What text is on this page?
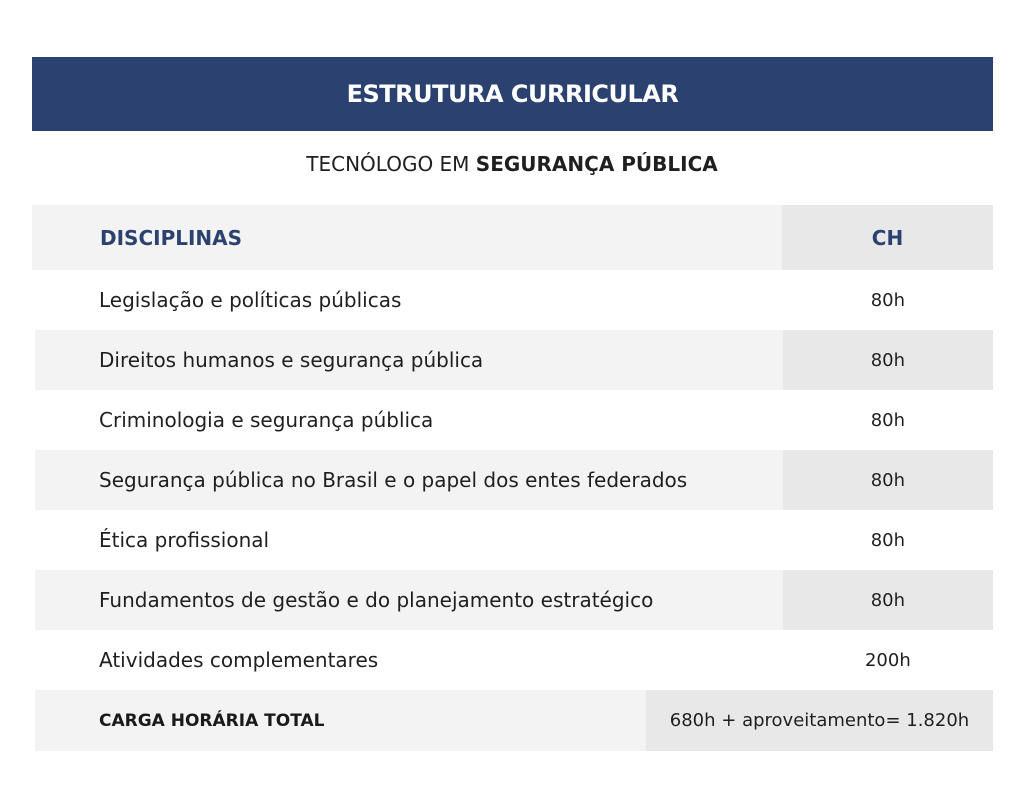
ESTRUTURA CURRICULAR
TECNÓLOGO EM SEGURANÇA PÚBLICA
DISCIPLINAS	CH
Legislação e políticas públicas	80h
Direitos humanos e segurança pública	80h
Criminologia e segurança pública	80h
Segurança pública no Brasil e o papel dos entes federados	80h
Ética profissional	80h
Fundamentos de gestão e do planejamento estratégico	80h
Atividades complementares	200h
CARGA HORÁRIA TOTAL	680h + aproveitamento= 1.820h
